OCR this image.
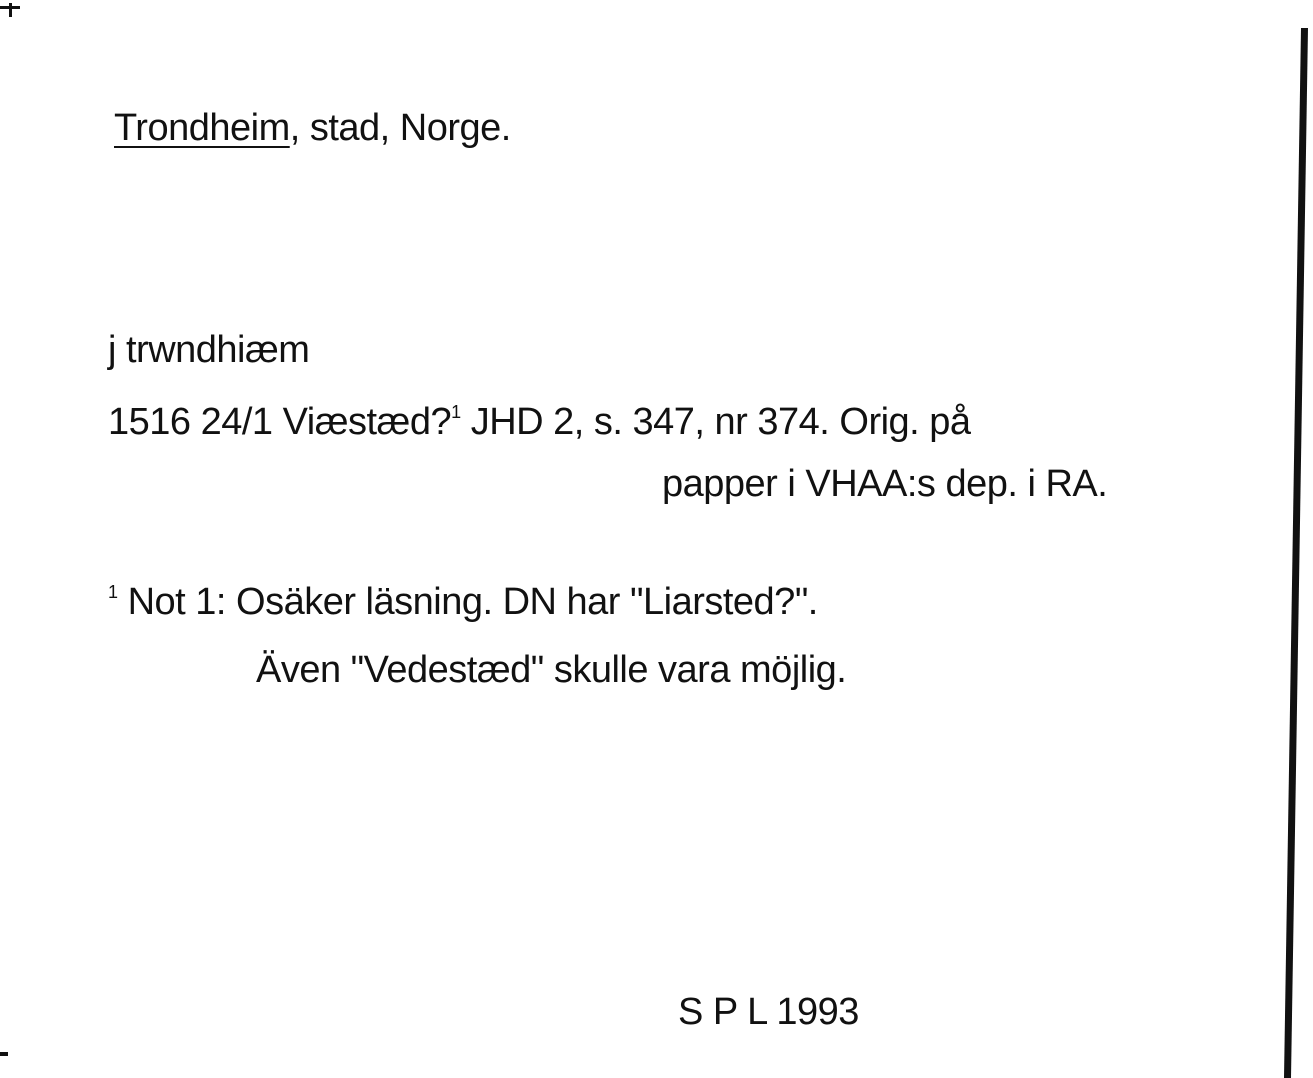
Trondheim, stad, Norge.
j trwndhiæm
1516 24/1 Viæstæd?$^1$ JHD 2, s. 347, nr 374. Orig. på
papper i VHAA:s dep. i RA.
$^1$ Not 1: Osäker läsning. DN har "Liarsted?".
Även "Vedestæd" skulle vara möjlig.
S P L 1993
